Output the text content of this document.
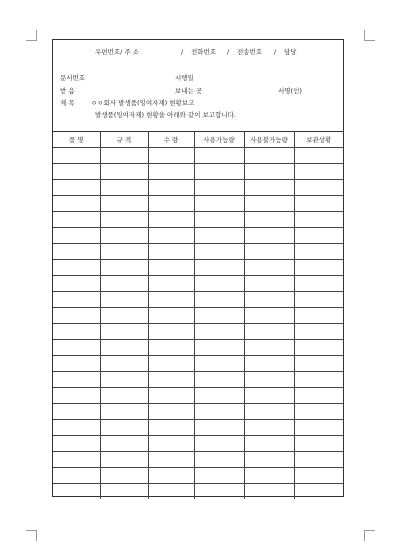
우편번호/ 주 소	/ 전화번호 / 전송번호 / 담당
문서번호	시행일
받 음	보내는 곳	서명(인)
제 목	ㅇㅇ회사 발생품(잉여자재) 현황보고
발생품(잉여자재) 현황을 아래와 같이 보고합니다.
품 명	규 격	수 량	사용가능량	사용불가능량	보관상황
